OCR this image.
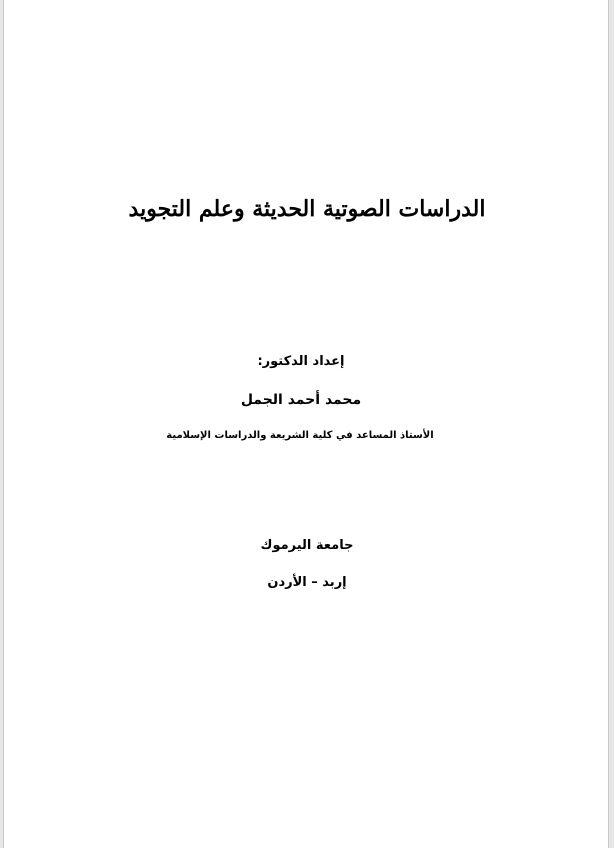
الدراسات الصوتية الحديثة وعلم التجويد
إعداد الدكتور:
محمد أحمد الجمل
الأستاذ المساعد في كلية الشريعة والدراسات الإسلامية
جامعة اليرموك
إربد – الأردن
